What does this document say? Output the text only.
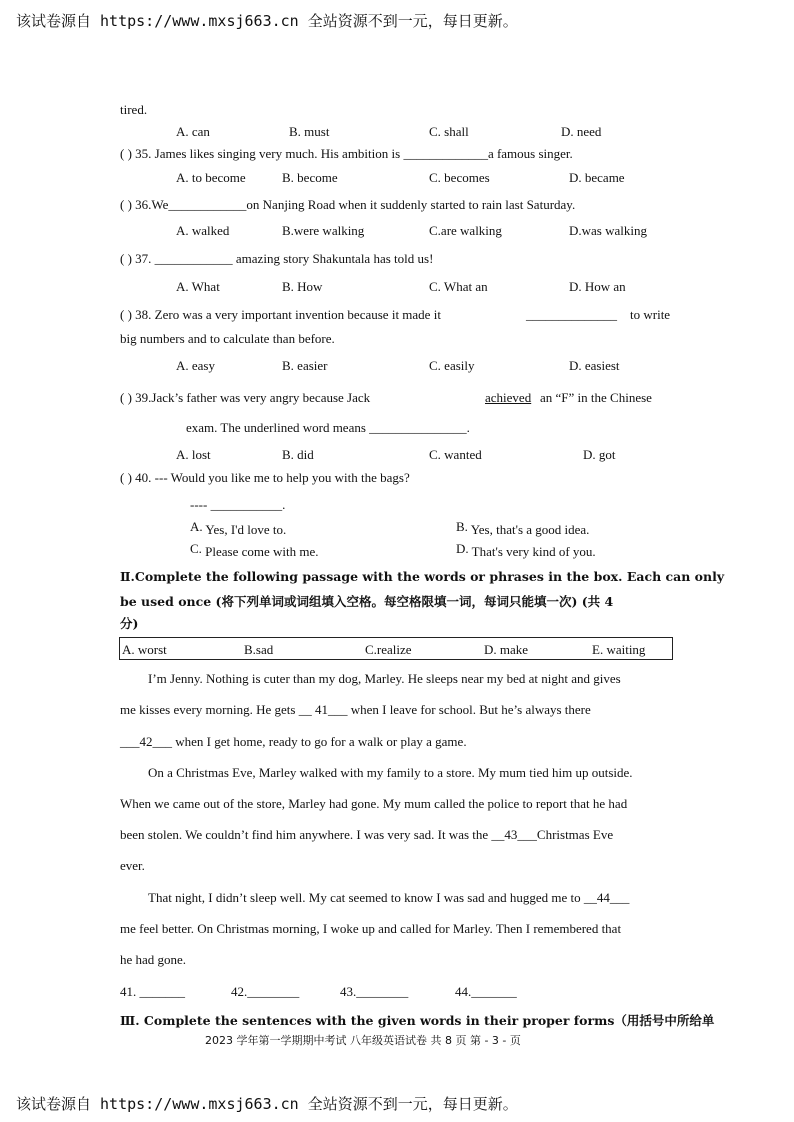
该试卷源自 https://www.mxsj663.cn 全站资源不到一元，每日更新。
tired.
A. can	B. must	C. shall	D. need
( ) 35. James likes singing very much. His ambition is _____________a famous singer.
A. to become	B. become	C. becomes	D. became
( ) 36.We____________on Nanjing Road when it suddenly started to rain last Saturday.
A. walked	B.were walking	C.are walking	D.was walking
( ) 37. ____________ amazing story Shakuntala has told us!
A. What	B. How	C. What an	D. How an
( ) 38. Zero was a very important invention because it made it	______________ to write
big numbers and to calculate than before.
A. easy	B. easier	C. easily	D. easiest
( ) 39.Jack’s father was very angry because Jack	achieved an “F” in the Chinese
exam. The underlined word means _______________.
A. lost	B. did	C. wanted	D. got
( ) 40. --- Would you like me to help you with the bags?
---- ___________.
A. Yes, I'd love to.	B. Yes, that's a good idea.
C. Please come with me.	D. That's very kind of you.
Ⅱ.Complete the following passage with the words or phrases in the box. Each can only
be used once (将下列单词或词组填入空格。每空格限填一词，每词只能填一次) (共 4
分)
A. worst	B.sad	C.realize	D. make	E. waiting
I’m Jenny. Nothing is cuter than my dog, Marley. He sleeps near my bed at night and gives
me kisses every morning. He gets __ 41___ when I leave for school. But he’s always there
___42___ when I get home, ready to go for a walk or play a game.
On a Christmas Eve, Marley walked with my family to a store. My mum tied him up outside.
When we came out of the store, Marley had gone. My mum called the police to report that he had
been stolen. We couldn’t find him anywhere. I was very sad. It was the __43___Christmas Eve
ever.
That night, I didn’t sleep well. My cat seemed to know I was sad and hugged me to __44___
me feel better. On Christmas morning, I woke up and called for Marley. Then I remembered that
he had gone.
41. _______	42.________	43.________	44._______
Ⅲ. Complete the sentences with the given words in their proper forms（用括号中所给单
2023 学年第一学期期中考试 八年级英语试卷 共 8 页 第 - 3 - 页
该试卷源自 https://www.mxsj663.cn 全站资源不到一元，每日更新。
